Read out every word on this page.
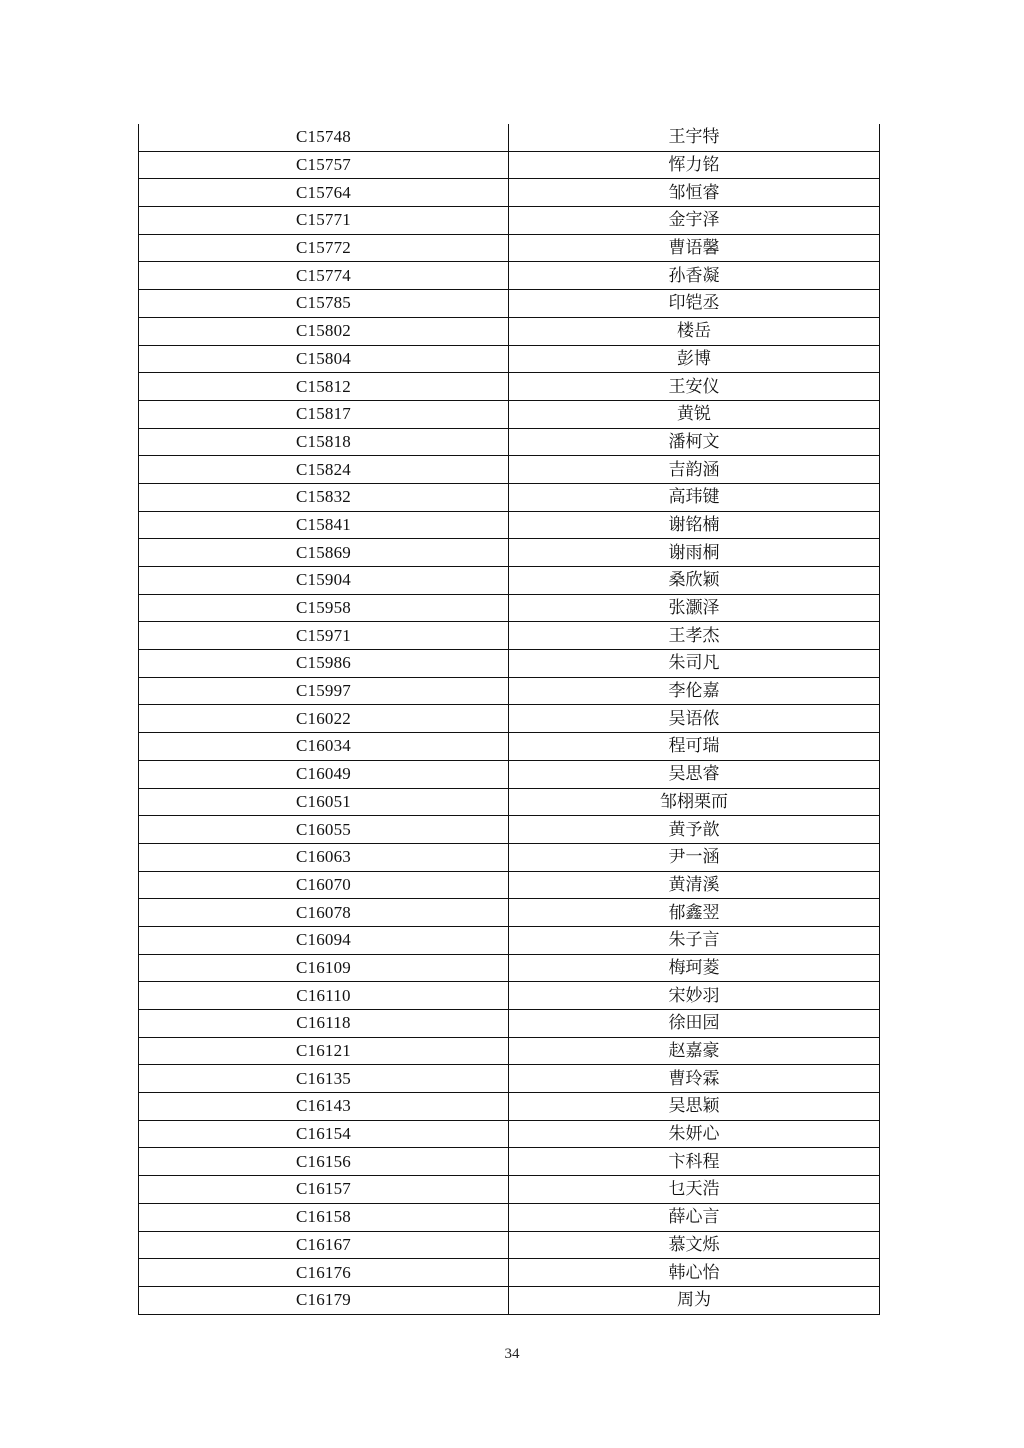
C15748	王宇特
C15757	恽力铭
C15764	邹恒睿
C15771	金宇泽
C15772	曹语馨
C15774	孙香凝
C15785	印铠丞
C15802	楼岳
C15804	彭博
C15812	王安仪
C15817	黄锐
C15818	潘柯文
C15824	吉韵涵
C15832	高玮键
C15841	谢铭楠
C15869	谢雨桐
C15904	桑欣颖
C15958	张灏泽
C15971	王孝杰
C15986	朱司凡
C15997	李伦嘉
C16022	吴语侬
C16034	程可瑞
C16049	吴思睿
C16051	邹栩栗而
C16055	黄予歆
C16063	尹一涵
C16070	黄清溪
C16078	郁鑫翌
C16094	朱子言
C16109	梅珂菱
C16110	宋妙羽
C16118	徐田园
C16121	赵嘉豪
C16135	曹玲霖
C16143	吴思颖
C16154	朱妍心
C16156	卞科程
C16157	乜天浩
C16158	薛心言
C16167	慕文烁
C16176	韩心怡
C16179	周为
34
